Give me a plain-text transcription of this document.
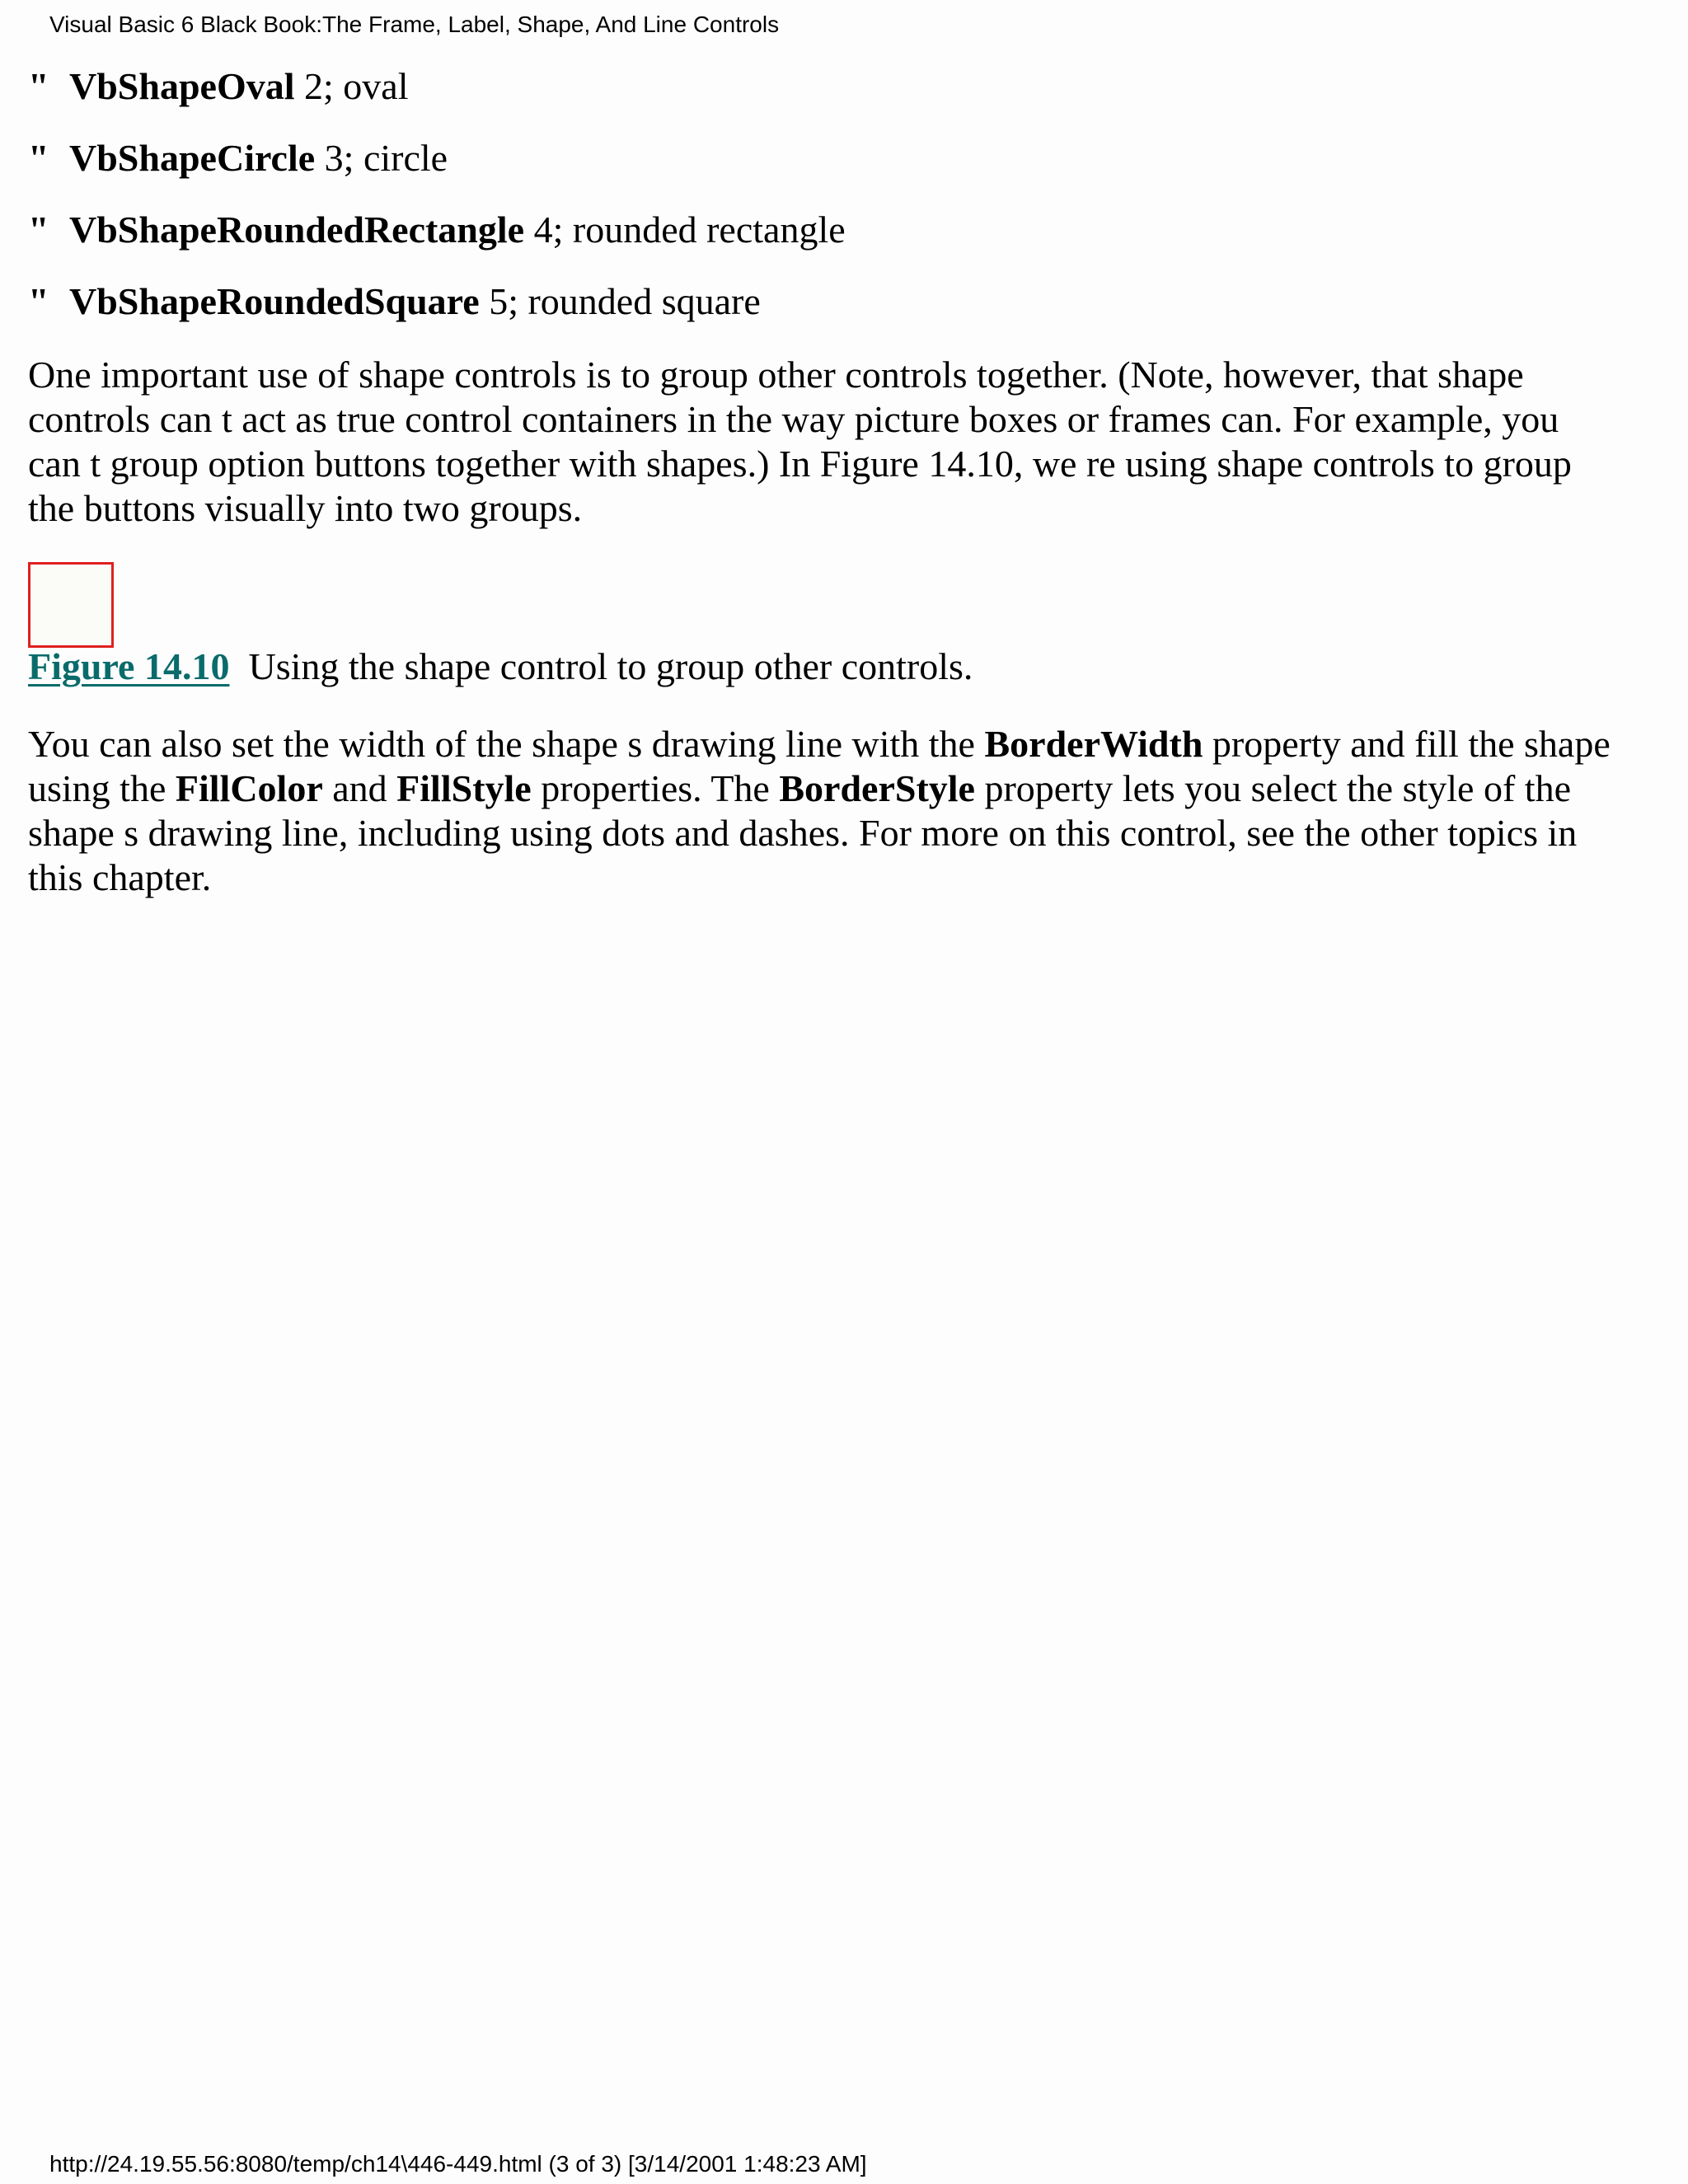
Visual Basic 6 Black Book:The Frame, Label, Shape, And Line Controls
" VbShapeOval 2; oval
" VbShapeCircle 3; circle
" VbShapeRoundedRectangle 4; rounded rectangle
" VbShapeRoundedSquare 5; rounded square
One important use of shape controls is to group other controls together. (Note, however, that shape
controls can t act as true control containers in the way picture boxes or frames can. For example, you
can t group option buttons together with shapes.) In Figure 14.10, we re using shape controls to group
the buttons visually into two groups.
Figure 14.10 Using the shape control to group other controls.
You can also set the width of the shape s drawing line with the BorderWidth property and fill the shape
using the FillColor and FillStyle properties. The BorderStyle property lets you select the style of the
shape s drawing line, including using dots and dashes. For more on this control, see the other topics in
this chapter.
http://24.19.55.56:8080/temp/ch14\446-449.html (3 of 3) [3/14/2001 1:48:23 AM]
